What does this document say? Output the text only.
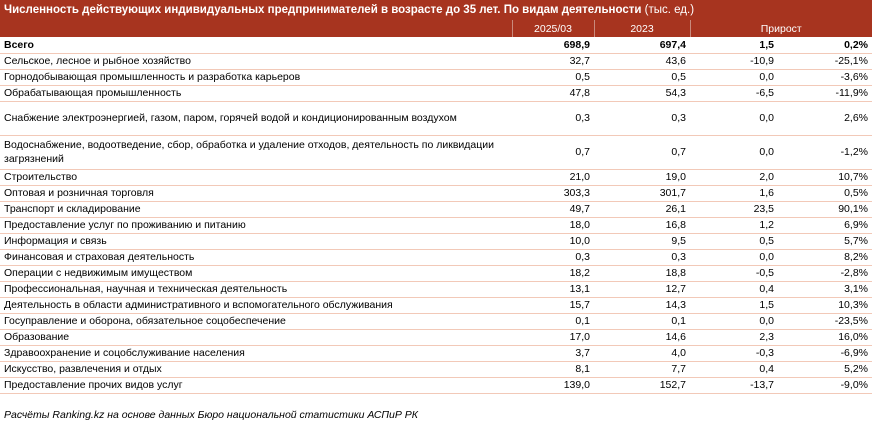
Численность действующих индивидуальных предпринимателей в возрасте до 35 лет. По видам деятельности (тыс. ед.)
	2025/03	2023	Прирост	
Всего	698,9	697,4	1,5	0,2%
Сельское, лесное и рыбное хозяйство	32,7	43,6	-10,9	-25,1%
Горнодобывающая промышленность и разработка карьеров	0,5	0,5	0,0	-3,6%
Обрабатывающая промышленность	47,8	54,3	-6,5	-11,9%
Снабжение электроэнергией, газом, паром, горячей водой и кондиционированным воздухом	0,3	0,3	0,0	2,6%
Водоснабжение, водоотведение, сбор, обработка и удаление отходов, деятельность по ликвидации загрязнений	0,7	0,7	0,0	-1,2%
Строительство	21,0	19,0	2,0	10,7%
Оптовая и розничная торговля	303,3	301,7	1,6	0,5%
Транспорт и складирование	49,7	26,1	23,5	90,1%
Предоставление услуг по проживанию и питанию	18,0	16,8	1,2	6,9%
Информация и связь	10,0	9,5	0,5	5,7%
Финансовая и страховая деятельность	0,3	0,3	0,0	8,2%
Операции с недвижимым имуществом	18,2	18,8	-0,5	-2,8%
Профессиональная, научная и техническая деятельность	13,1	12,7	0,4	3,1%
Деятельность в области административного и вспомогательного обслуживания	15,7	14,3	1,5	10,3%
Госуправление и оборона, обязательное соцобеспечение	0,1	0,1	0,0	-23,5%
Образование	17,0	14,6	2,3	16,0%
Здравоохранение и соцобслуживание населения	3,7	4,0	-0,3	-6,9%
Искусство, развлечения и отдых	8,1	7,7	0,4	5,2%
Предоставление прочих видов услуг	139,0	152,7	-13,7	-9,0%
Расчёты Ranking.kz на основе данных Бюро национальной статистики АСПиР РК
